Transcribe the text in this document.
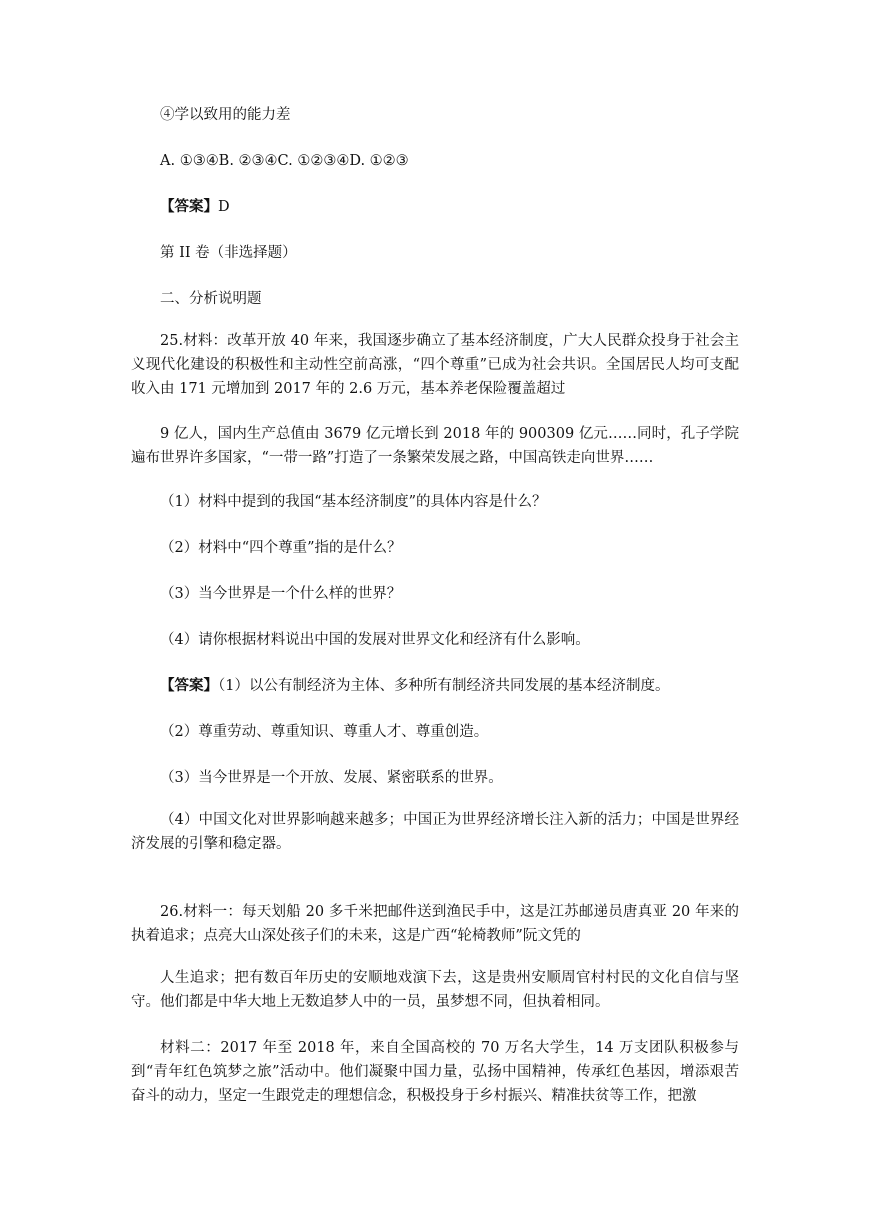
④学以致用的能力差
A. ①③④B. ②③④C. ①②③④D. ①②③
【答案】D
第 II 卷（非选择题）
二、分析说明题
25.材料：改革开放 40 年来，我国逐步确立了基本经济制度，广大人民群众投身于社会主义现代化建设的积极性和主动性空前高涨，“四个尊重”已成为社会共识。全国居民人均可支配收入由 171 元增加到 2017 年的 2.6 万元，基本养老保险覆盖超过
9 亿人，国内生产总值由 3679 亿元增长到 2018 年的 900309 亿元……同时，孔子学院遍布世界许多国家，“一带一路”打造了一条繁荣发展之路，中国高铁走向世界……
（1）材料中提到的我国“基本经济制度”的具体内容是什么？
（2）材料中“四个尊重”指的是什么？
（3）当今世界是一个什么样的世界？
（4）请你根据材料说出中国的发展对世界文化和经济有什么影响。
【答案】（1）以公有制经济为主体、多种所有制经济共同发展的基本经济制度。
（2）尊重劳动、尊重知识、尊重人才、尊重创造。
（3）当今世界是一个开放、发展、紧密联系的世界。
（4）中国文化对世界影响越来越多；中国正为世界经济增长注入新的活力；中国是世界经济发展的引擎和稳定器。
26.材料一：每天划船 20 多千米把邮件送到渔民手中，这是江苏邮递员唐真亚 20 年来的执着追求；点亮大山深处孩子们的未来，这是广西“轮椅教师”阮文凭的
人生追求；把有数百年历史的安顺地戏演下去，这是贵州安顺周官村村民的文化自信与坚守。他们都是中华大地上无数追梦人中的一员，虽梦想不同，但执着相同。
材料二：2017 年至 2018 年，来自全国高校的 70 万名大学生，14 万支团队积极参与到“青年红色筑梦之旅”活动中。他们凝聚中国力量，弘扬中国精神，传承红色基因，增添艰苦奋斗的动力，坚定一生跟党走的理想信念，积极投身于乡村振兴、精准扶贫等工作，把激
